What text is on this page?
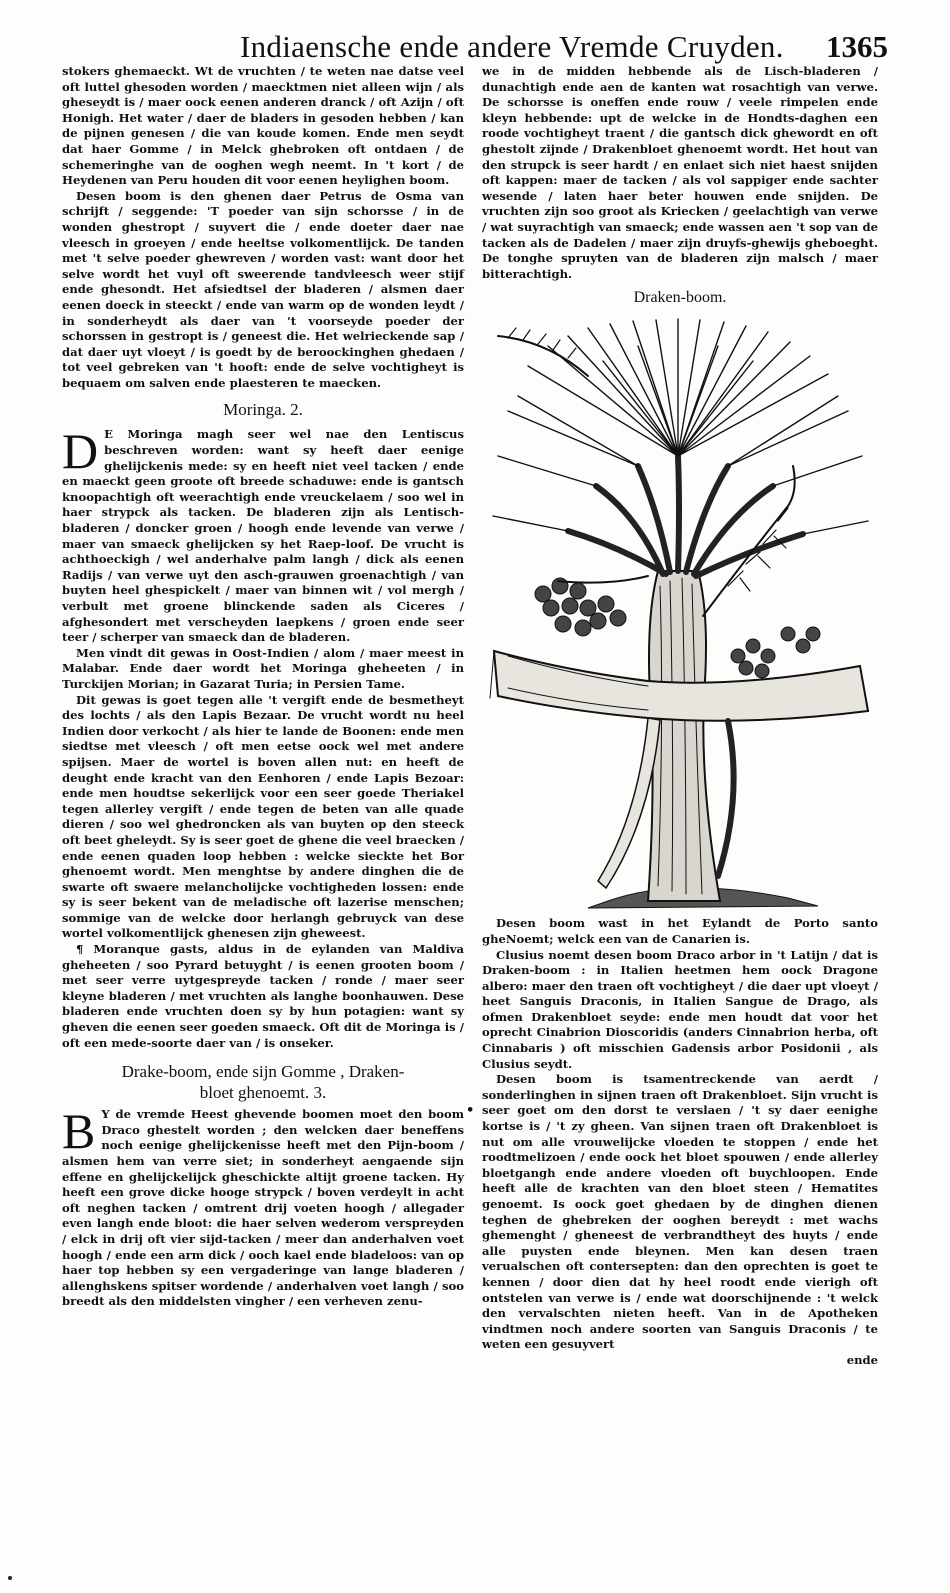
Indiaensche ende andere Vremde Cruyden. 1365

stokers ghemaeckt. Wt de vruchten / te weten nae datse veel oft luttel ghesoden worden / maecktmen niet alleen wijn / als gheseydt is / maer oock eenen anderen dranck / oft Azijn / oft Honigh. Het water / daer de bladers in gesoden hebben / kan de pijnen genesen / die van koude komen. Ende men seydt dat haer Gomme / in Melck ghebroken oft ontdaen / de schemeringhe van de ooghen wegh neemt. In 't kort / de Heydenen van Peru houden dit voor eenen heylighen boom.

Desen boom is den ghenen daer Petrus de Osma van schrijft / seggende: 'T poeder van sijn schorsse / in de wonden ghestropt / suyvert die / ende doeter daer nae vleesch in groeyen / ende heeltse volkomentlijck. De tanden met 't selve poeder ghewreven / worden vast: want door het selve wordt het vuyl oft sweerende tandvleesch weer stijf ende ghesondt. Het afsiedtsel der bladeren / alsmen daer eenen doeck in steeckt / ende van warm op de wonden leydt / in sonderheydt als daer van 't voorseyde poeder der schorssen in gestropt is / geneest die. Het welrieckende sap / dat daer uyt vloeyt / is goedt by de beroockinghen ghedaen / tot veel gebreken van 't hooft: ende de selve vochtigheyt is bequaem om salven ende plaesteren te maecken.

Moringa. 2.

D E Moringa magh seer wel nae den Lentiscus beschreven worden: want sy heeft daer eenige ghelijckenis mede: sy en heeft niet veel tacken / ende en maeckt geen groote oft breede schaduwe: ende is gantsch knoopachtigh oft weerachtigh ende vreuckelaem / soo wel in haer strypck als tacken. De bladeren zijn als Lentisch-bladeren / doncker groen / hoogh ende levende van verwe / maer van smaeck ghelijcken sy het Raep-loof. De vrucht is achthoeckigh / wel anderhalve palm langh / dick als eenen Radijs / van verwe uyt den asch-grauwen groenachtigh / van buyten heel ghespickelt / maer van binnen wit / vol mergh / verbult met groene blinckende saden als Ciceres / afghesondert met verscheyden laepkens / groen ende seer teer / scherper van smaeck dan de bladeren.

Men vindt dit gewas in Oost-Indien / alom / maer meest in Malabar. Ende daer wordt het Moringa gheheeten / in Turckijen Morian; in Gazarat Turia; in Persien Tame.

Dit gewas is goet tegen alle 't vergift ende de besmetheyt des lochts / als den Lapis Bezaar. De vrucht wordt nu heel Indien door verkocht / als hier te lande de Boonen: ende men siedtse met vleesch / oft men eetse oock wel met andere spijsen. Maer de wortel is boven allen nut: en heeft de deught ende kracht van den Eenhoren / ende Lapis Bezoar: ende men houdtse sekerlijck voor een seer goede Theriakel tegen allerley vergift / ende tegen de beten van alle quade dieren / soo wel ghedroncken als van buyten op den steeck oft beet gheleydt. Sy is seer goet de ghene die veel braecken / ende eenen quaden loop hebben : welcke sieckte het Bor ghenoemt wordt. Men menghtse by andere dinghen die de swarte oft swaere melancholijcke vochtigheden lossen: ende sy is seer bekent van de meladische oft lazerise menschen; sommige van de welcke door herlangh gebruyck van dese wortel volkomentlijck ghenesen zijn gheweest.

¶ Moranque gasts, aldus in de eylanden van Maldiva gheheeten / soo Pyrard betuyght / is eenen grooten boom / met seer verre uytgespreyde tacken / ronde / maer seer kleyne bladeren / met vruchten als langhe boonhauwen. Dese bladeren ende vruchten doen sy by hun potagien: want sy gheven die eenen seer goeden smaeck. Oft dit de Moringa is / oft een mede-soorte daer van / is onseker.

Drake-boom, ende sijn Gomme , Draken-
bloet ghenoemt. 3.

B Y de vremde Heest ghevende boomen moet den boom Draco ghestelt worden ; den welcken daer beneffens noch eenige ghelijckenisse heeft met den Pijn-boom / alsmen hem van verre siet; in sonderheyt aengaende sijn effene en ghelijckelijck gheschickte altijt groene tacken. Hy heeft een grove dicke hooge strypck / boven verdeylt in acht oft neghen tacken / omtrent drij voeten hoogh / allegader even langh ende bloot: die haer selven wederom verspreyden / elck in drij oft vier sijd-tacken / meer dan anderhalven voet hoogh / ende een arm dick / ooch kael ende bladeloos: van op haer top hebben sy een vergaderinge van lange bladeren / allenghskens spitser wordende / anderhalven voet langh / soo breedt als den middelsten vingher / een verheven zenu-

we in de midden hebbende als de Lisch-bladeren / dunachtigh ende aen de kanten wat rosachtigh van verwe. De schorsse is oneffen ende rouw / veele rimpelen ende kleyn hebbende: upt de welcke in de Hondts-daghen een roode vochtigheyt traent / die gantsch dick ghewordt en oft ghestolt zijnde / Drakenbloet ghenoemt wordt. Het hout van den strupck is seer hardt / en enlaet sich niet haest snijden oft kappen: maer de tacken / als vol sappiger ende sachter wesende / laten haer beter houwen ende snijden. De vruchten zijn soo groot als Kriecken / geelachtigh van verwe / wat suyrachtigh van smaeck; ende wassen aen 't sop van de tacken als de Dadelen / maer zijn druyfs-ghewijs gheboeght. De tonghe spruyten van de bladeren zijn malsch / maer bitterachtigh.

Draken-boom.

Desen boom wast in het Eylandt de Porto santo gheNoemt; welck een van de Canarien is.

Clusius noemt desen boom Draco arbor in 't Latijn / dat is Draken-boom : in Italien heetmen hem oock Dragone albero: maer den traen oft vochtigheyt / die daer upt vloeyt / heet Sanguis Draconis, in Italien Sangue de Drago, als ofmen Drakenbloet seyde: ende men houdt dat voor het oprecht Cinabrion Dioscoridis (anders Cinnabrion herba, oft Cinnabaris ) oft misschien Gadensis arbor Posidonii , als Clusius seydt.

Desen boom is tsamentreckende van aerdt / sonderlinghen in sijnen traen oft Drakenbloet. Sijn vrucht is seer goet om den dorst te verslaen / 't sy daer eenighe kortse is / 't zy gheen. Van sijnen traen oft Drakenbloet is nut om alle vrouwelijcke vloeden te stoppen / ende het roodtmelizoen / ende oock het bloet spouwen / ende allerley bloetgangh ende andere vloeden oft buychloopen. Ende heeft alle de krachten van den bloet steen / Hematites genoemt. Is oock goet ghedaen by de dinghen dienen teghen de ghebreken der ooghen bereydt : met wachs ghemenght / gheneest de verbrandtheyt des huyts / ende alle puysten ende bleynen. Men kan desen traen verualschen oft contersepten: dan den oprechten is goet te kennen / door dien dat hy heel roodt ende vierigh oft ontstelen van verwe is / ende wat doorschijnende : 't welck den vervalschten nieten heeft. Van in de Apotheken vindtmen noch andere soorten van Sanguis Draconis / te weten een gesuyvert

ende
•
